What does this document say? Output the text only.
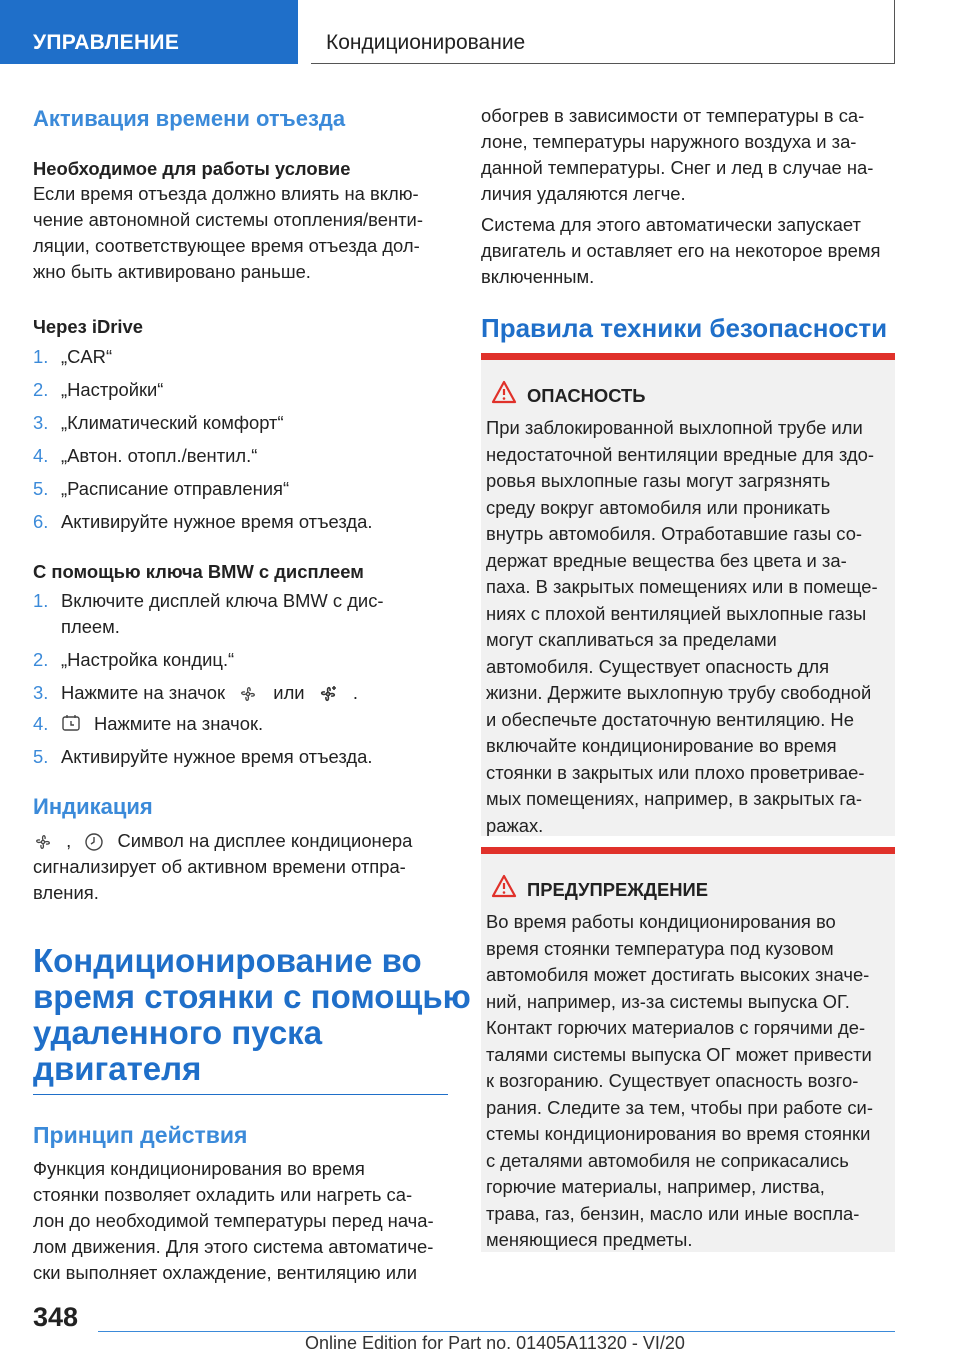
УПРАВЛЕНИЕ	Кондиционирование

Активация времени отъезда

Необходимое для работы условие

Если время отъезда должно влиять на вклю-
чение автономной системы отопления/венти-
ляции, соответствующее время отъезда дол-
жно быть активировано раньше.

Через iDrive

1. „CAR“
2. „Настройки“
3. „Климатический комфорт“
4. „Автон. отопл./вентил.“
5. „Расписание отправления“
6. Активируйте нужное время отъезда.

С помощью ключа BMW с дисплеем

1. Включите дисплей ключа BMW с дис-
плеем.
2. „Настройка кондиц.“
3. Нажмите на значок	или	.
4. Нажмите на значок.
5. Активируйте нужное время отъезда.

Индикация

,	Символ на дисплее кондиционера

сигнализирует об активном времени отпра-
вления.

Кондиционирование во
время стоянки с помощью
удаленного пуска
двигателя

Принцип действия

Функция кондиционирования во время
стоянки позволяет охладить или нагреть са-
лон до необходимой температуры перед нача-
лом движения. Для этого система автоматиче-
ски выполняет охлаждение, вентиляцию или

обогрев в зависимости от температуры в са-
лоне, температуры наружного воздуха и за-
данной температуры. Снег и лед в случае на-
личия удаляются легче.

Система для этого автоматически запускает
двигатель и оставляет его на некоторое время
включенным.

Правила техники безопасности

ОПАСНОСТЬ

При заблокированной выхлопной трубе или
недостаточной вентиляции вредные для здо-
ровья выхлопные газы могут загрязнять
среду вокруг автомобиля или проникать
внутрь автомобиля. Отработавшие газы со-
держат вредные вещества без цвета и за-
паха. В закрытых помещениях или в помеще-
ниях с плохой вентиляцией выхлопные газы
могут скапливаться за пределами
автомобиля. Существует опасность для
жизни. Держите выхлопную трубу свободной
и обеспечьте достаточную вентиляцию. Не
включайте кондиционирование во время
стоянки в закрытых или плохо проветривае-
мых помещениях, например, в закрытых га-
ражах.

ПРЕДУПРЕЖДЕНИЕ

Во время работы кондиционирования во
время стоянки температура под кузовом
автомобиля может достигать высоких значе-
ний, например, из-за системы выпуска ОГ.
Контакт горючих материалов с горячими де-
талями системы выпуска ОГ может привести
к возгоранию. Существует опасность возго-
рания. Следите за тем, чтобы при работе си-
стемы кондиционирования во время стоянки
с деталями автомобиля не соприкасались
горючие материалы, например, листва,
трава, газ, бензин, масло или иные воспла-
меняющиеся предметы.

348
Online Edition for Part no. 01405A11320 - VI/20
